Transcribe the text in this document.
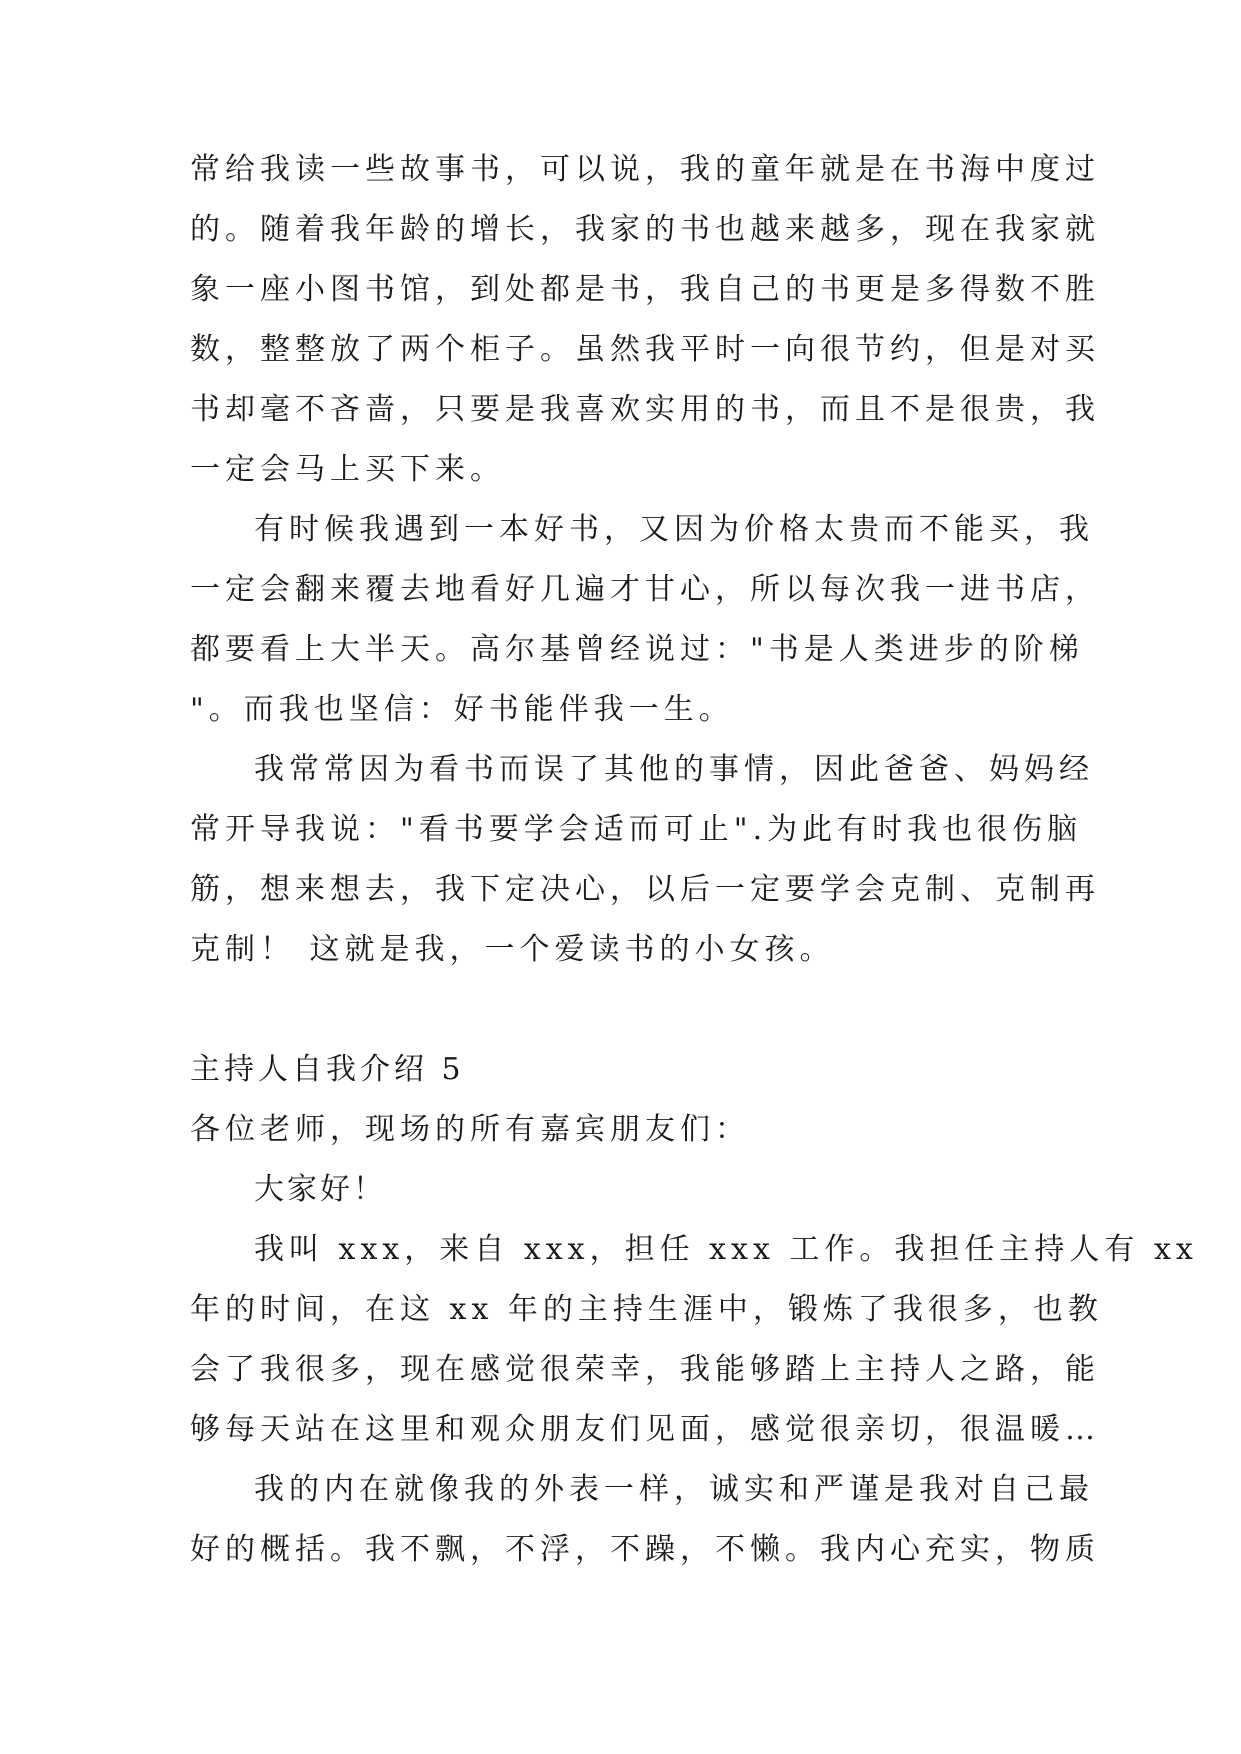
常给我读一些故事书，可以说，我的童年就是在书海中度过
的。随着我年龄的增长，我家的书也越来越多，现在我家就
象一座小图书馆，到处都是书，我自己的书更是多得数不胜
数，整整放了两个柜子。虽然我平时一向很节约，但是对买
书却毫不吝啬，只要是我喜欢实用的书，而且不是很贵，我
一定会马上买下来。
有时候我遇到一本好书，又因为价格太贵而不能买，我
一定会翻来覆去地看好几遍才甘心，所以每次我一进书店，
都要看上大半天。高尔基曾经说过："书是人类进步的阶梯
"。而我也坚信：好书能伴我一生。
我常常因为看书而误了其他的事情，因此爸爸、妈妈经
常开导我说："看书要学会适而可止".为此有时我也很伤脑
筋，想来想去，我下定决心，以后一定要学会克制、克制再
克制！ 这就是我，一个爱读书的小女孩。
主持人自我介绍 5
各位老师，现场的所有嘉宾朋友们：
大家好！
我叫 xxx，来自 xxx，担任 xxx 工作。我担任主持人有 xx
年的时间，在这 xx 年的主持生涯中，锻炼了我很多，也教
会了我很多，现在感觉很荣幸，我能够踏上主持人之路，能
够每天站在这里和观众朋友们见面，感觉很亲切，很温暖…
我的内在就像我的外表一样，诚实和严谨是我对自己最
好的概括。我不飘，不浮，不躁，不懒。我内心充实，物质
